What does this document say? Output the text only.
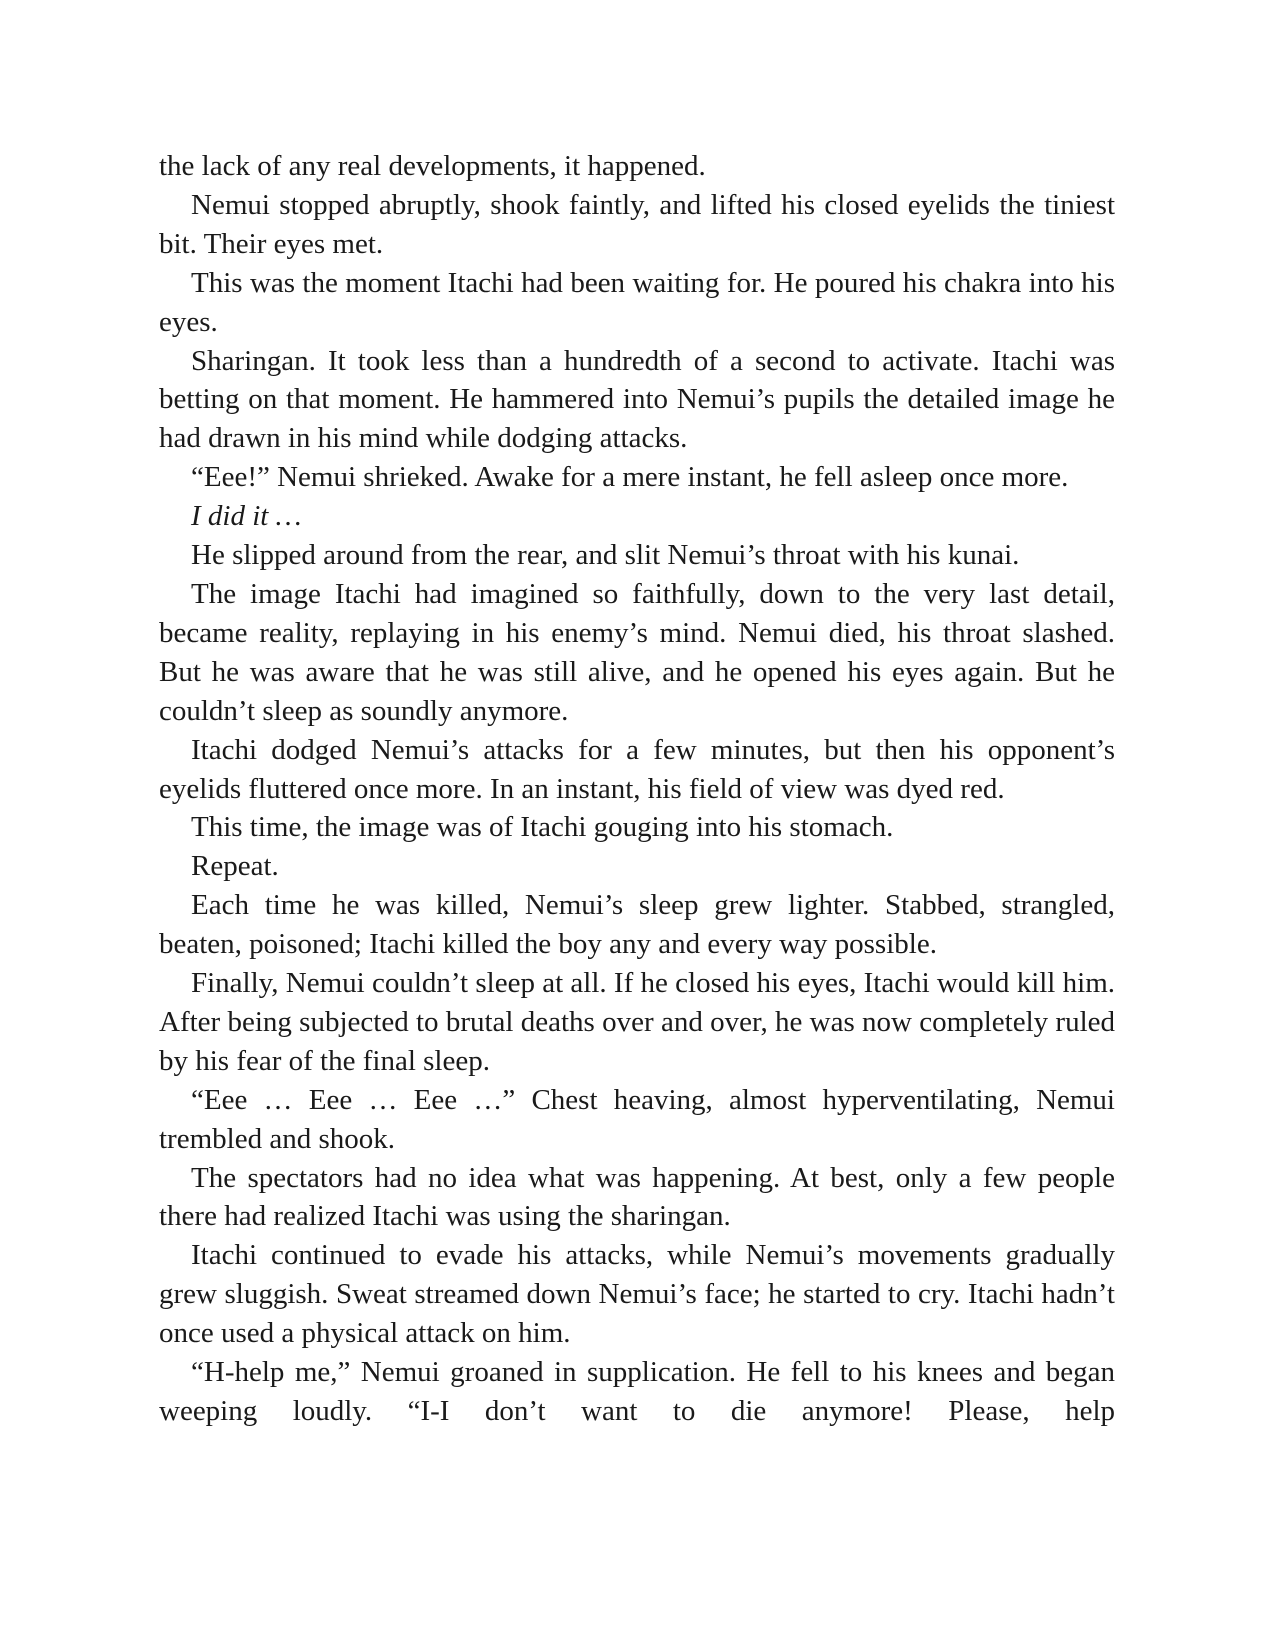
the lack of any real developments, it happened.

Nemui stopped abruptly, shook faintly, and lifted his closed eyelids the tiniest bit. Their eyes met.

This was the moment Itachi had been waiting for. He poured his chakra into his eyes.

Sharingan. It took less than a hundredth of a second to activate. Itachi was betting on that moment. He hammered into Nemui’s pupils the detailed image he had drawn in his mind while dodging attacks.

“Eee!” Nemui shrieked. Awake for a mere instant, he fell asleep once more.

I did it …

He slipped around from the rear, and slit Nemui’s throat with his kunai.

The image Itachi had imagined so faithfully, down to the very last detail, became reality, replaying in his enemy’s mind. Nemui died, his throat slashed. But he was aware that he was still alive, and he opened his eyes again. But he couldn’t sleep as soundly anymore.

Itachi dodged Nemui’s attacks for a few minutes, but then his opponent’s eyelids fluttered once more. In an instant, his field of view was dyed red.

This time, the image was of Itachi gouging into his stomach.

Repeat.

Each time he was killed, Nemui’s sleep grew lighter. Stabbed, strangled, beaten, poisoned; Itachi killed the boy any and every way possible.

Finally, Nemui couldn’t sleep at all. If he closed his eyes, Itachi would kill him. After being subjected to brutal deaths over and over, he was now completely ruled by his fear of the final sleep.

“Eee … Eee … Eee …” Chest heaving, almost hyperventilating, Nemui trembled and shook.

The spectators had no idea what was happening. At best, only a few people there had realized Itachi was using the sharingan.

Itachi continued to evade his attacks, while Nemui’s movements gradually grew sluggish. Sweat streamed down Nemui’s face; he started to cry. Itachi hadn’t once used a physical attack on him.

“H-help me,” Nemui groaned in supplication. He fell to his knees and began weeping loudly. “I-I don’t want to die anymore! Please, help
